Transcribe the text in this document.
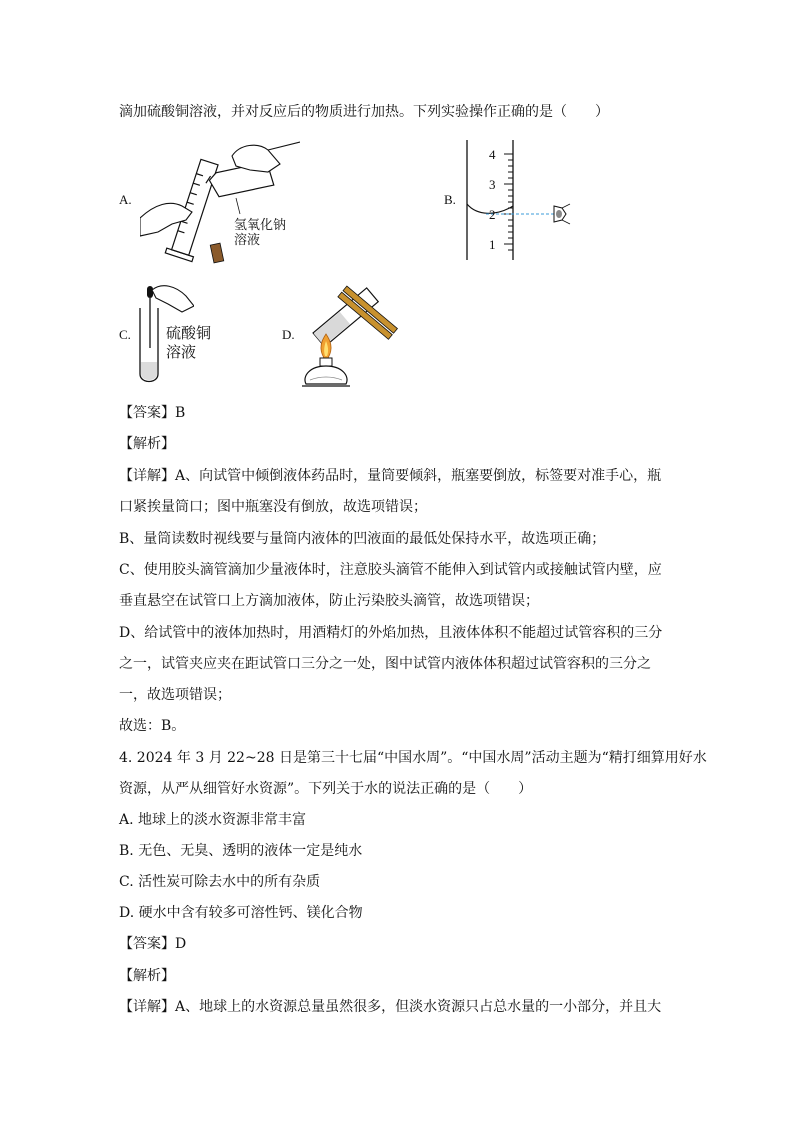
滴加硫酸铜溶液，并对反应后的物质进行加热。下列实验操作正确的是（　　）
A.
氢氧化钠
溶液
B.
4
3
2
1
C. 硫酸铜
溶液
D.
【答案】B
【解析】
【详解】A、向试管中倾倒液体药品时，量筒要倾斜，瓶塞要倒放，标签要对准手心，瓶
口紧挨量筒口；图中瓶塞没有倒放，故选项错误；
B、量筒读数时视线要与量筒内液体的凹液面的最低处保持水平，故选项正确；
C、使用胶头滴管滴加少量液体时，注意胶头滴管不能伸入到试管内或接触试管内壁，应
垂直悬空在试管口上方滴加液体，防止污染胶头滴管，故选项错误；
D、给试管中的液体加热时，用酒精灯的外焰加热，且液体体积不能超过试管容积的三分
之一，试管夹应夹在距试管口三分之一处，图中试管内液体体积超过试管容积的三分之
一，故选项错误；
故选：B。
4. 2024 年 3 月 22~28 日是第三十七届“中国水周”。“中国水周”活动主题为“精打细算用好水
资源，从严从细管好水资源”。下列关于水的说法正确的是（　　）
A. 地球上的淡水资源非常丰富
B. 无色、无臭、透明的液体一定是纯水
C. 活性炭可除去水中的所有杂质
D. 硬水中含有较多可溶性钙、镁化合物
【答案】D
【解析】
【详解】A、地球上的水资源总量虽然很多，但淡水资源只占总水量的一小部分，并且大
